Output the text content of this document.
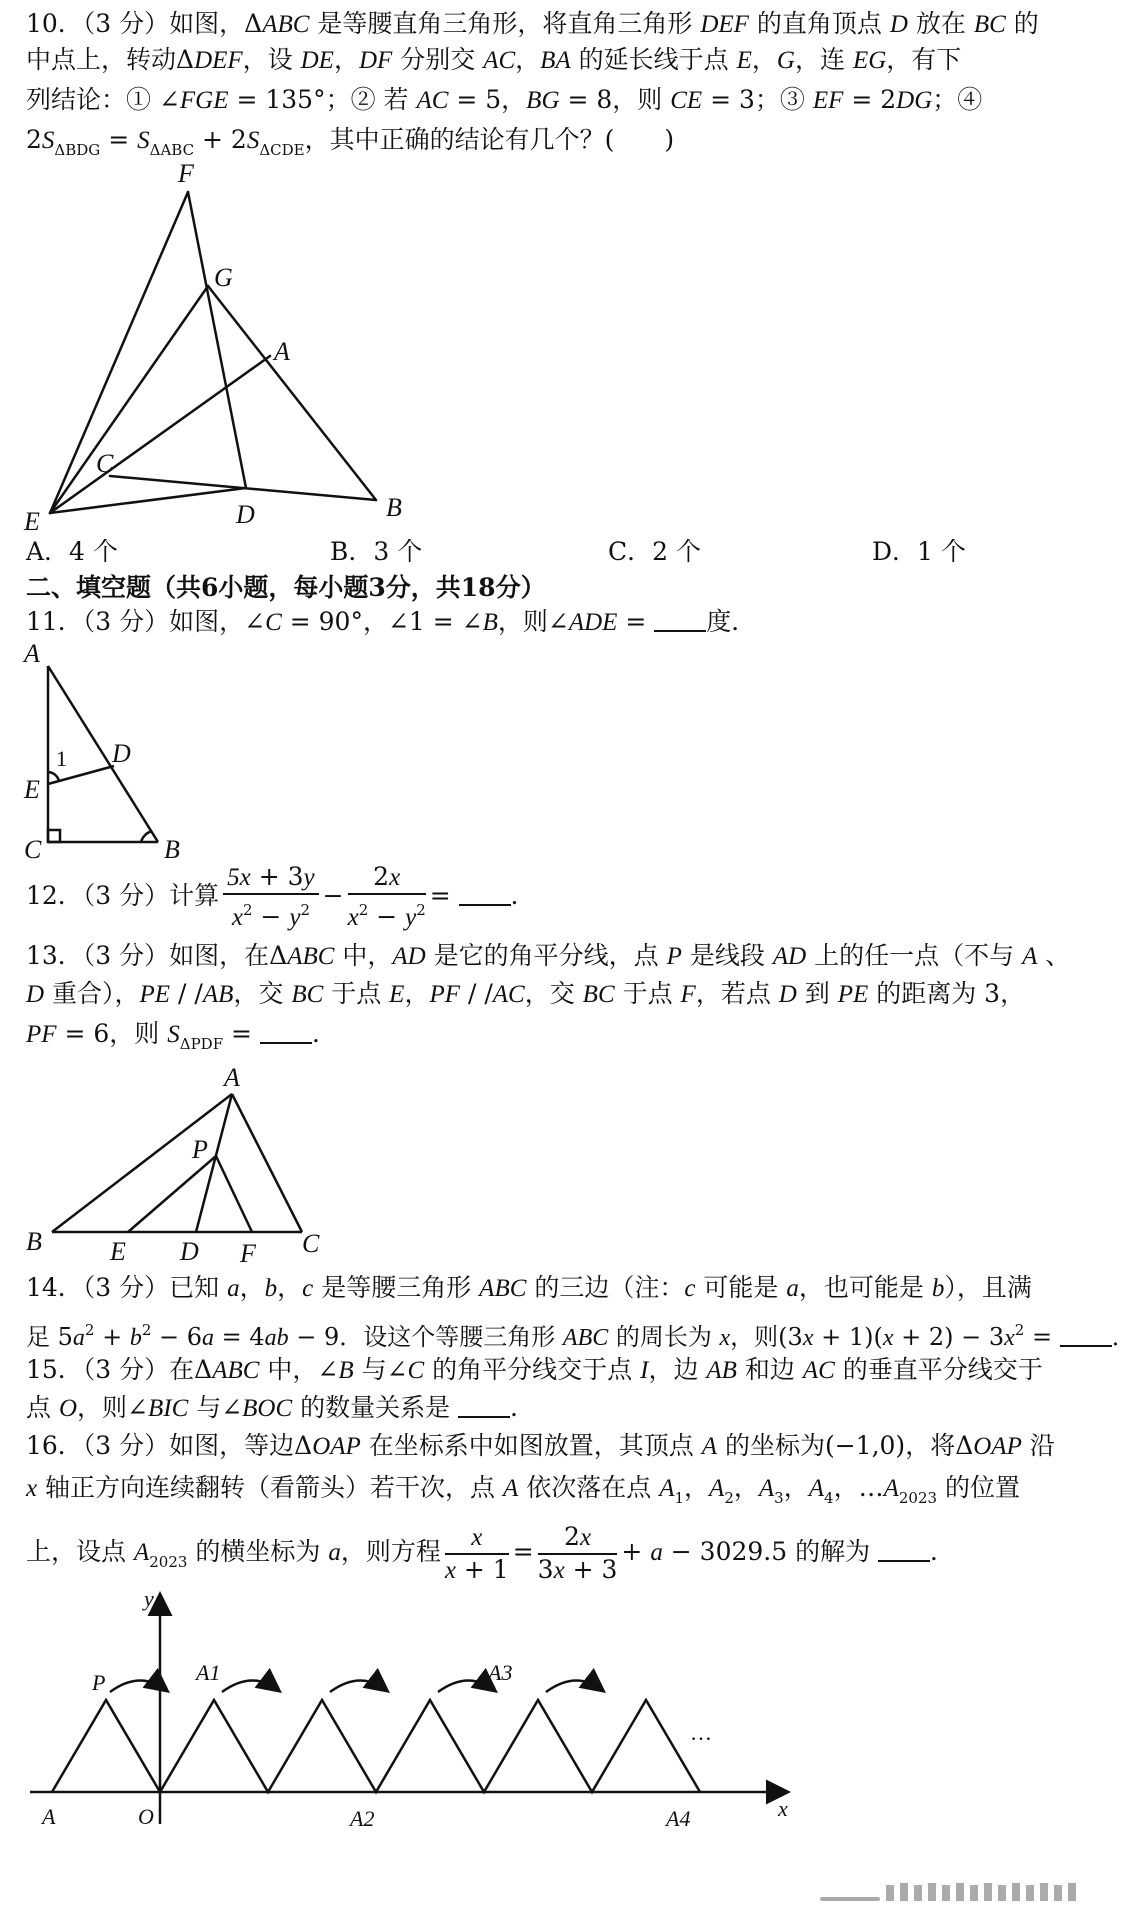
10．（3 分）如图，ΔABC 是等腰直角三角形，将直角三角形 DEF 的直角顶点 D 放在 BC 的
中点上，转动ΔDEF，设 DE，DF 分别交 AC，BA 的延长线于点 E，G，连 EG，有下
列结论：① ∠FGE = 135°；② 若 AC = 5，BG = 8，则 CE = 3；③ EF = 2DG；④
$2S_{\Delta BDG} = S_{\Delta ABC} + 2S_{\Delta CDE}$，其中正确的结论有几个？(　　)
F
G
A
C
E	D	B
A．4 个	B．3 个	C．2 个	D．1 个
二、填空题（共6小题，每小题3分，共18分）
11．（3 分）如图，∠C = 90°，∠1 = ∠B，则∠ADE = 度．
A
D
E
C	B
1
12．（3 分）计算 $\frac{5x + 3y}{x^2 - y^2} - \frac{2x}{x^2 - y^2}$ = ．
13．（3 分）如图，在ΔABC 中，AD 是它的角平分线，点 P 是线段 AD 上的任一点（不与 A 、
D 重合），PE / /AB，交 BC 于点 E，PF / /AC，交 BC 于点 F，若点 D 到 PE 的距离为 3，
PF = 6，则 $S_{\Delta PDF}$ = ．
A
P
B	E D F C
14．（3 分）已知 a，b，c 是等腰三角形 ABC 的三边（注：c 可能是 a，也可能是 b），且满
足 $5a^2 + b^2 - 6a = 4ab - 9$．设这个等腰三角形 ABC 的周长为 x，则$(3x + 1)(x + 2) - 3x^2$ = ．
15．（3 分）在ΔABC 中，∠B 与∠C 的角平分线交于点 I，边 AB 和边 AC 的垂直平分线交于
点 O，则∠BIC 与∠BOC 的数量关系是 ．
16．（3 分）如图，等边ΔOAP 在坐标系中如图放置，其顶点 A 的坐标为(−1,0)，将ΔOAP 沿
x 轴正方向连续翻转（看箭头）若干次，点 A 依次落在点 $A_1$，$A_2$，$A_3$，$A_4$，$\dots A_{2023}$ 的位置
上，设点 $A_{2023}$ 的横坐标为 a，则方程 $\frac{x}{x + 1} = \frac{2x}{3x + 3} + a - 3029.5$ 的解为 ．
y
P	A1	A3
…
A	O	A2	A4	x
